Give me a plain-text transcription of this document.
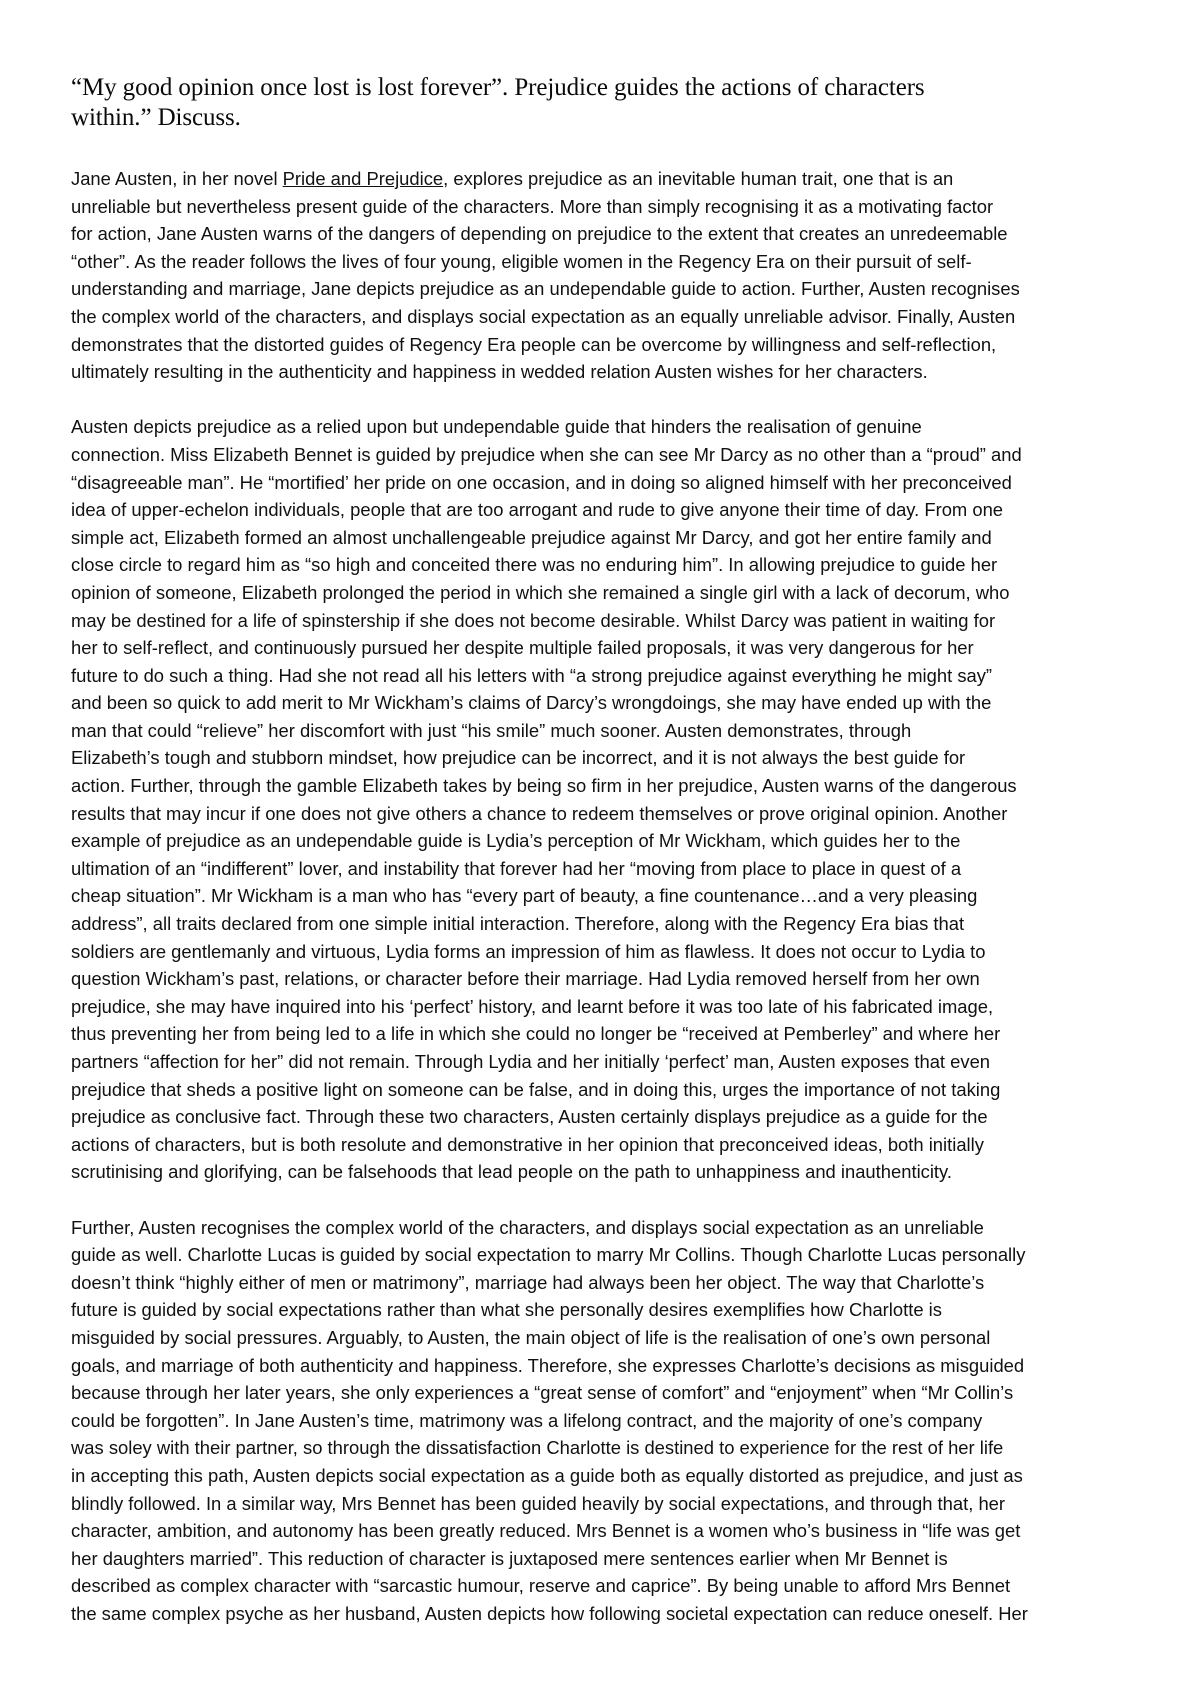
“My good opinion once lost is lost forever”. Prejudice guides the actions of characters
within.” Discuss.
Jane Austen, in her novel Pride and Prejudice, explores prejudice as an inevitable human trait, one that is an
unreliable but nevertheless present guide of the characters. More than simply recognising it as a motivating factor
for action, Jane Austen warns of the dangers of depending on prejudice to the extent that creates an unredeemable
“other”. As the reader follows the lives of four young, eligible women in the Regency Era on their pursuit of self-
understanding and marriage, Jane depicts prejudice as an undependable guide to action. Further, Austen recognises
the complex world of the characters, and displays social expectation as an equally unreliable advisor. Finally, Austen
demonstrates that the distorted guides of Regency Era people can be overcome by willingness and self-reflection,
ultimately resulting in the authenticity and happiness in wedded relation Austen wishes for her characters.
Austen depicts prejudice as a relied upon but undependable guide that hinders the realisation of genuine
connection. Miss Elizabeth Bennet is guided by prejudice when she can see Mr Darcy as no other than a “proud” and
“disagreeable man”. He “mortified’ her pride on one occasion, and in doing so aligned himself with her preconceived
idea of upper-echelon individuals, people that are too arrogant and rude to give anyone their time of day. From one
simple act, Elizabeth formed an almost unchallengeable prejudice against Mr Darcy, and got her entire family and
close circle to regard him as “so high and conceited there was no enduring him”. In allowing prejudice to guide her
opinion of someone, Elizabeth prolonged the period in which she remained a single girl with a lack of decorum, who
may be destined for a life of spinstership if she does not become desirable. Whilst Darcy was patient in waiting for
her to self-reflect, and continuously pursued her despite multiple failed proposals, it was very dangerous for her
future to do such a thing. Had she not read all his letters with “a strong prejudice against everything he might say”
and been so quick to add merit to Mr Wickham’s claims of Darcy’s wrongdoings, she may have ended up with the
man that could “relieve” her discomfort with just “his smile” much sooner. Austen demonstrates, through
Elizabeth’s tough and stubborn mindset, how prejudice can be incorrect, and it is not always the best guide for
action. Further, through the gamble Elizabeth takes by being so firm in her prejudice, Austen warns of the dangerous
results that may incur if one does not give others a chance to redeem themselves or prove original opinion. Another
example of prejudice as an undependable guide is Lydia’s perception of Mr Wickham, which guides her to the
ultimation of an “indifferent” lover, and instability that forever had her “moving from place to place in quest of a
cheap situation”. Mr Wickham is a man who has “every part of beauty, a fine countenance…and a very pleasing
address”, all traits declared from one simple initial interaction. Therefore, along with the Regency Era bias that
soldiers are gentlemanly and virtuous, Lydia forms an impression of him as flawless. It does not occur to Lydia to
question Wickham’s past, relations, or character before their marriage. Had Lydia removed herself from her own
prejudice, she may have inquired into his ‘perfect’ history, and learnt before it was too late of his fabricated image,
thus preventing her from being led to a life in which she could no longer be “received at Pemberley” and where her
partners “affection for her” did not remain. Through Lydia and her initially ‘perfect’ man, Austen exposes that even
prejudice that sheds a positive light on someone can be false, and in doing this, urges the importance of not taking
prejudice as conclusive fact. Through these two characters, Austen certainly displays prejudice as a guide for the
actions of characters, but is both resolute and demonstrative in her opinion that preconceived ideas, both initially
scrutinising and glorifying, can be falsehoods that lead people on the path to unhappiness and inauthenticity.
Further, Austen recognises the complex world of the characters, and displays social expectation as an unreliable
guide as well. Charlotte Lucas is guided by social expectation to marry Mr Collins. Though Charlotte Lucas personally
doesn’t think “highly either of men or matrimony”, marriage had always been her object. The way that Charlotte’s
future is guided by social expectations rather than what she personally desires exemplifies how Charlotte is
misguided by social pressures. Arguably, to Austen, the main object of life is the realisation of one’s own personal
goals, and marriage of both authenticity and happiness. Therefore, she expresses Charlotte’s decisions as misguided
because through her later years, she only experiences a “great sense of comfort” and “enjoyment” when “Mr Collin’s
could be forgotten”. In Jane Austen’s time, matrimony was a lifelong contract, and the majority of one’s company
was soley with their partner, so through the dissatisfaction Charlotte is destined to experience for the rest of her life
in accepting this path, Austen depicts social expectation as a guide both as equally distorted as prejudice, and just as
blindly followed. In a similar way, Mrs Bennet has been guided heavily by social expectations, and through that, her
character, ambition, and autonomy has been greatly reduced. Mrs Bennet is a women who’s business in “life was get
her daughters married”. This reduction of character is juxtaposed mere sentences earlier when Mr Bennet is
described as complex character with “sarcastic humour, reserve and caprice”. By being unable to afford Mrs Bennet
the same complex psyche as her husband, Austen depicts how following societal expectation can reduce oneself. Her
